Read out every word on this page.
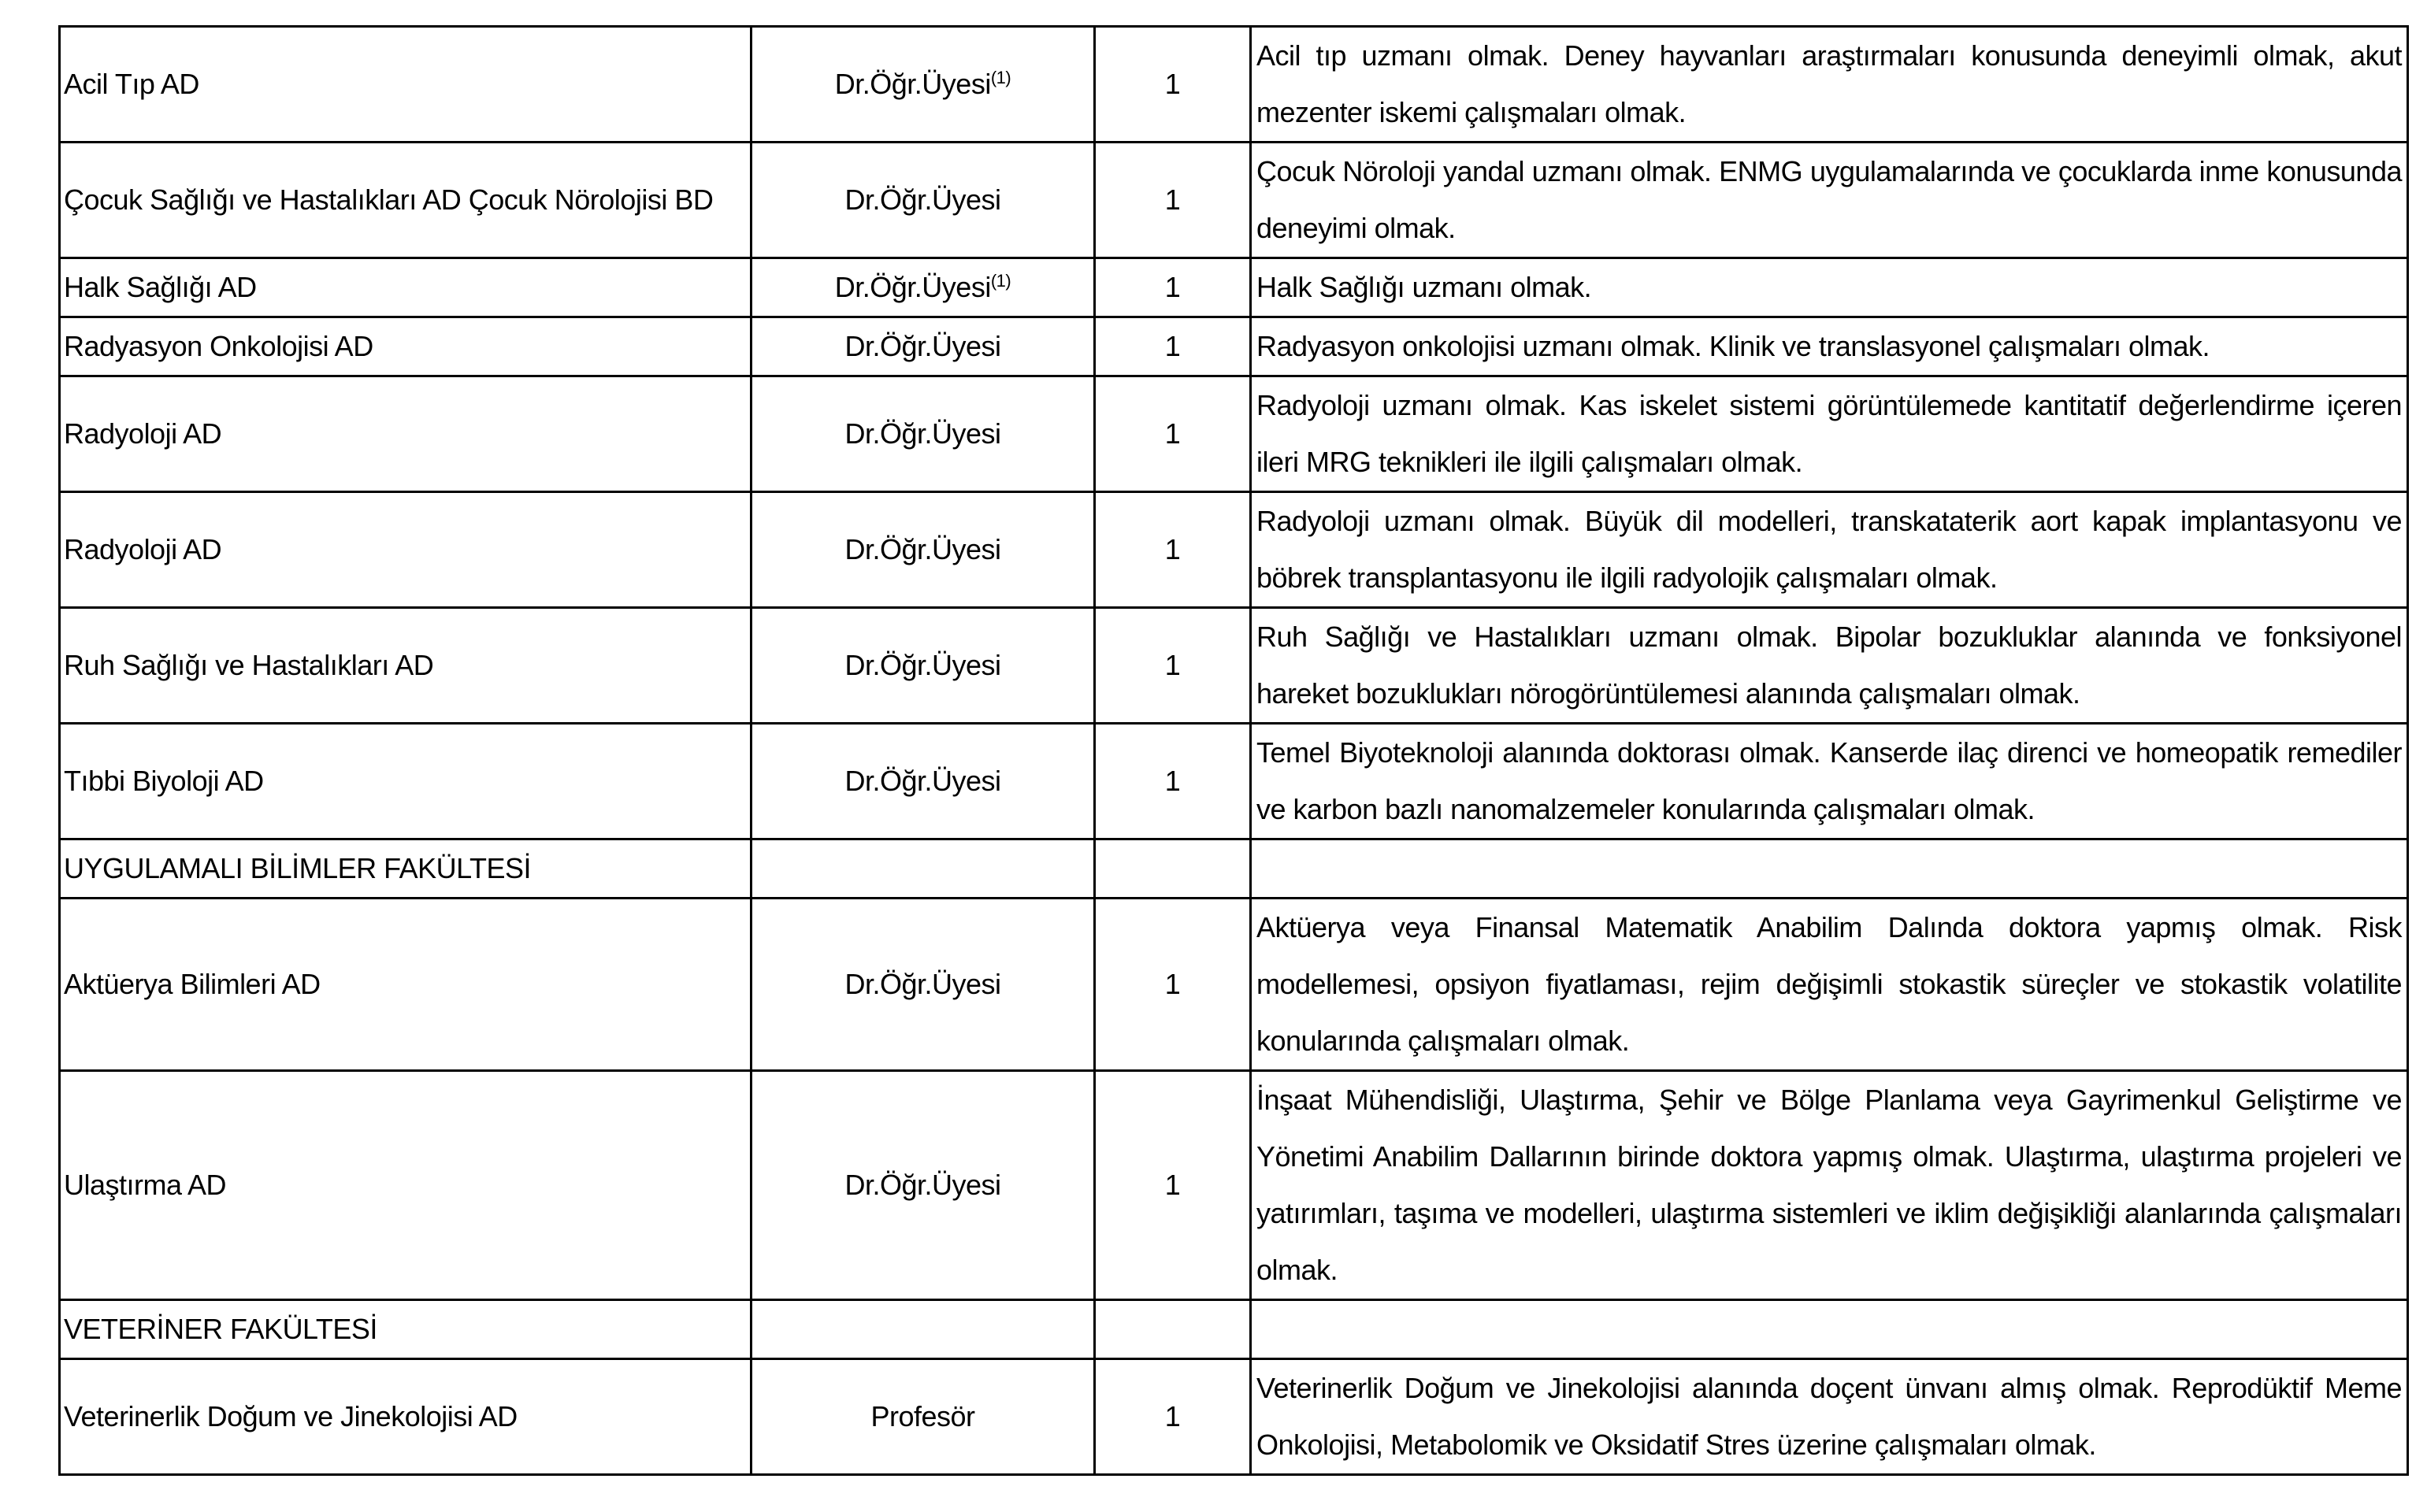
Acil Tıp AD	Dr.Öğr.Üyesi$^{(1)}$	1	Acil tıp uzmanı olmak. Deney hayvanları araştırmaları konusunda deneyimli olmak, akut mezenter iskemi çalışmaları olmak.

Çocuk Sağlığı ve Hastalıkları AD Çocuk Nörolojisi BD	Dr.Öğr.Üyesi	1	Çocuk Nöroloji yandal uzmanı olmak. ENMG uygulamalarında ve çocuklarda inme konusunda deneyimi olmak.

Halk Sağlığı AD	Dr.Öğr.Üyesi$^{(1)}$	1	Halk Sağlığı uzmanı olmak.

Radyasyon Onkolojisi AD	Dr.Öğr.Üyesi	1	Radyasyon onkolojisi uzmanı olmak. Klinik ve translasyonel çalışmaları olmak.

Radyoloji AD	Dr.Öğr.Üyesi	1	Radyoloji uzmanı olmak. Kas iskelet sistemi görüntülemede kantitatif değerlendirme içeren ileri MRG teknikleri ile ilgili çalışmaları olmak.

Radyoloji AD	Dr.Öğr.Üyesi	1	Radyoloji uzmanı olmak. Büyük dil modelleri, transkataterik aort kapak implantasyonu ve böbrek transplantasyonu ile ilgili radyolojik çalışmaları olmak.

Ruh Sağlığı ve Hastalıkları AD	Dr.Öğr.Üyesi	1	Ruh Sağlığı ve Hastalıkları uzmanı olmak. Bipolar bozukluklar alanında ve fonksiyonel hareket bozuklukları nörogörüntülemesi alanında çalışmaları olmak.

Tıbbi Biyoloji AD	Dr.Öğr.Üyesi	1	Temel Biyoteknoloji alanında doktorası olmak. Kanserde ilaç direnci ve homeopatik remediler ve karbon bazlı nanomalzemeler konularında çalışmaları olmak.

UYGULAMALI BİLİMLER FAKÜLTESİ			

Aktüerya Bilimleri AD	Dr.Öğr.Üyesi	1	Aktüerya veya Finansal Matematik Anabilim Dalında doktora yapmış olmak. Risk modellemesi, opsiyon fiyatlaması, rejim değişimli stokastik süreçler ve stokastik volatilite konularında çalışmaları olmak.

Ulaştırma AD	Dr.Öğr.Üyesi	1	İnşaat Mühendisliği, Ulaştırma, Şehir ve Bölge Planlama veya Gayrimenkul Geliştirme ve Yönetimi Anabilim Dallarının birinde doktora yapmış olmak. Ulaştırma, ulaştırma projeleri ve yatırımları, taşıma ve modelleri, ulaştırma sistemleri ve iklim değişikliği alanlarında çalışmaları olmak.

VETERİNER FAKÜLTESİ			

Veterinerlik Doğum ve Jinekolojisi AD	Profesör	1	Veterinerlik Doğum ve Jinekolojisi alanında doçent ünvanı almış olmak. Reprodüktif Meme Onkolojisi, Metabolomik ve Oksidatif Stres üzerine çalışmaları olmak.
